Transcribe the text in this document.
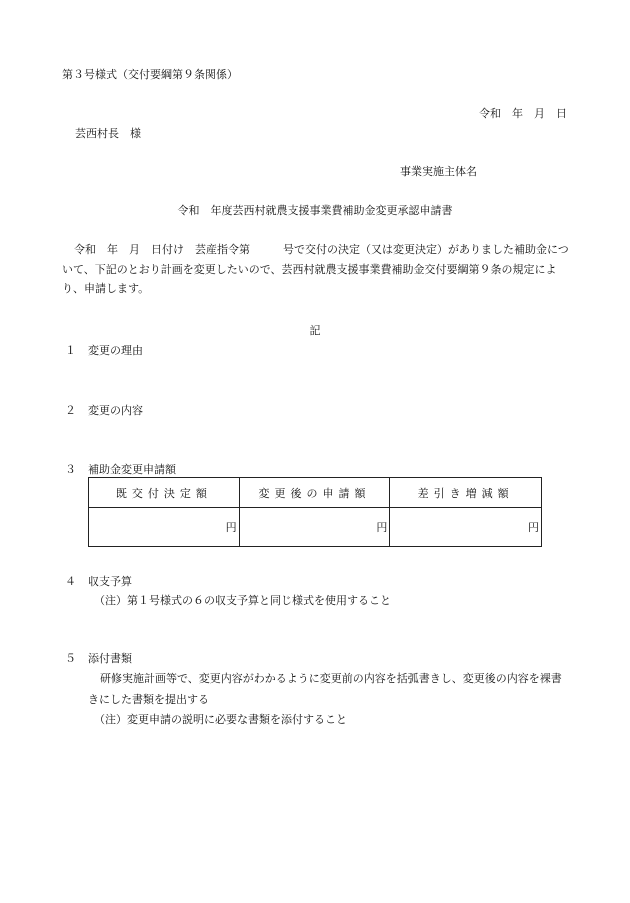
第３号様式（交付要綱第９条関係）
令和　年　月　日
芸西村長　様
事業実施主体名
令和　年度芸西村就農支援事業費補助金変更承認申請書
令和　年　月　日付け　芸産指令第　　　号で交付の決定（又は変更決定）がありました補助金について、下記のとおり計画を変更したいので、芸西村就農支援事業費補助金交付要綱第９条の規定により、申請します。
記
１ 変更の理由
２ 変更の内容
３ 補助金変更申請額
既交付決定額	変更後の申請額	差引き増減額
円	円	円
４ 収支予算
（注）第１号様式の６の収支予算と同じ様式を使用すること
５ 添付書類
研修実施計画等で、変更内容がわかるように変更前の内容を括弧書きし、変更後の内容を裸書
きにした書類を提出する
（注）変更申請の説明に必要な書類を添付すること
